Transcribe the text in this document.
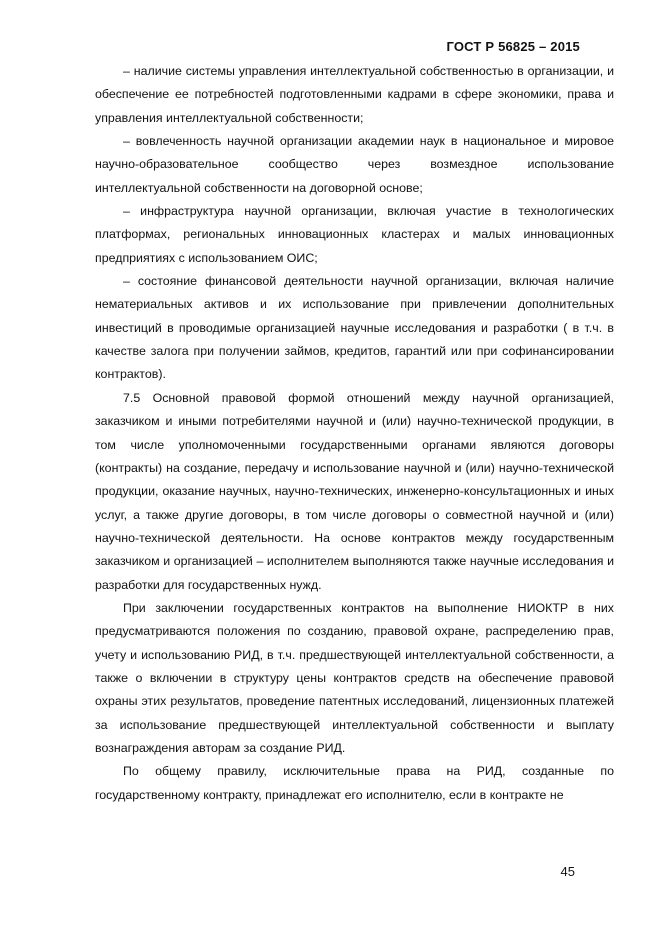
ГОСТ Р 56825 – 2015

– наличие системы управления интеллектуальной собственностью в организации, и обеспечение ее потребностей подготовленными кадрами в сфере экономики, права и управления интеллектуальной собственности;

– вовлеченность научной организации академии наук в национальное и мировое научно-образовательное сообщество через возмездное использование интеллектуальной собственности на договорной основе;

– инфраструктура научной организации, включая участие в технологических платформах, региональных инновационных кластерах и малых инновационных предприятиях с использованием ОИС;

– состояние финансовой деятельности научной организации, включая наличие нематериальных активов и их использование при привлечении дополнительных инвестиций в проводимые организацией научные исследования и разработки ( в т.ч. в качестве залога при получении займов, кредитов, гарантий или при софинансировании контрактов).

7.5 Основной правовой формой отношений между научной организацией, заказчиком и иными потребителями научной и (или) научно-технической продукции, в том числе уполномоченными государственными органами являются договоры (контракты) на создание, передачу и использование научной и (или) научно-технической продукции, оказание научных, научно-технических, инженерно-консультационных и иных услуг, а также другие договоры, в том числе договоры о совместной научной и (или) научно-технической деятельности. На основе контрактов между государственным заказчиком и организацией – исполнителем выполняются также научные исследования и разработки для государственных нужд.

При заключении государственных контрактов на выполнение НИОКТР в них предусматриваются положения по созданию, правовой охране, распределению прав, учету и использованию РИД, в т.ч. предшествующей интеллектуальной собственности, а также о включении в структуру цены контрактов средств на обеспечение правовой охраны этих результатов, проведение патентных исследований, лицензионных платежей за использование предшествующей интеллектуальной собственности и выплату вознаграждения авторам за создание РИД.

По общему правилу, исключительные права на РИД, созданные по государственному контракту, принадлежат его исполнителю, если в контракте не

45
